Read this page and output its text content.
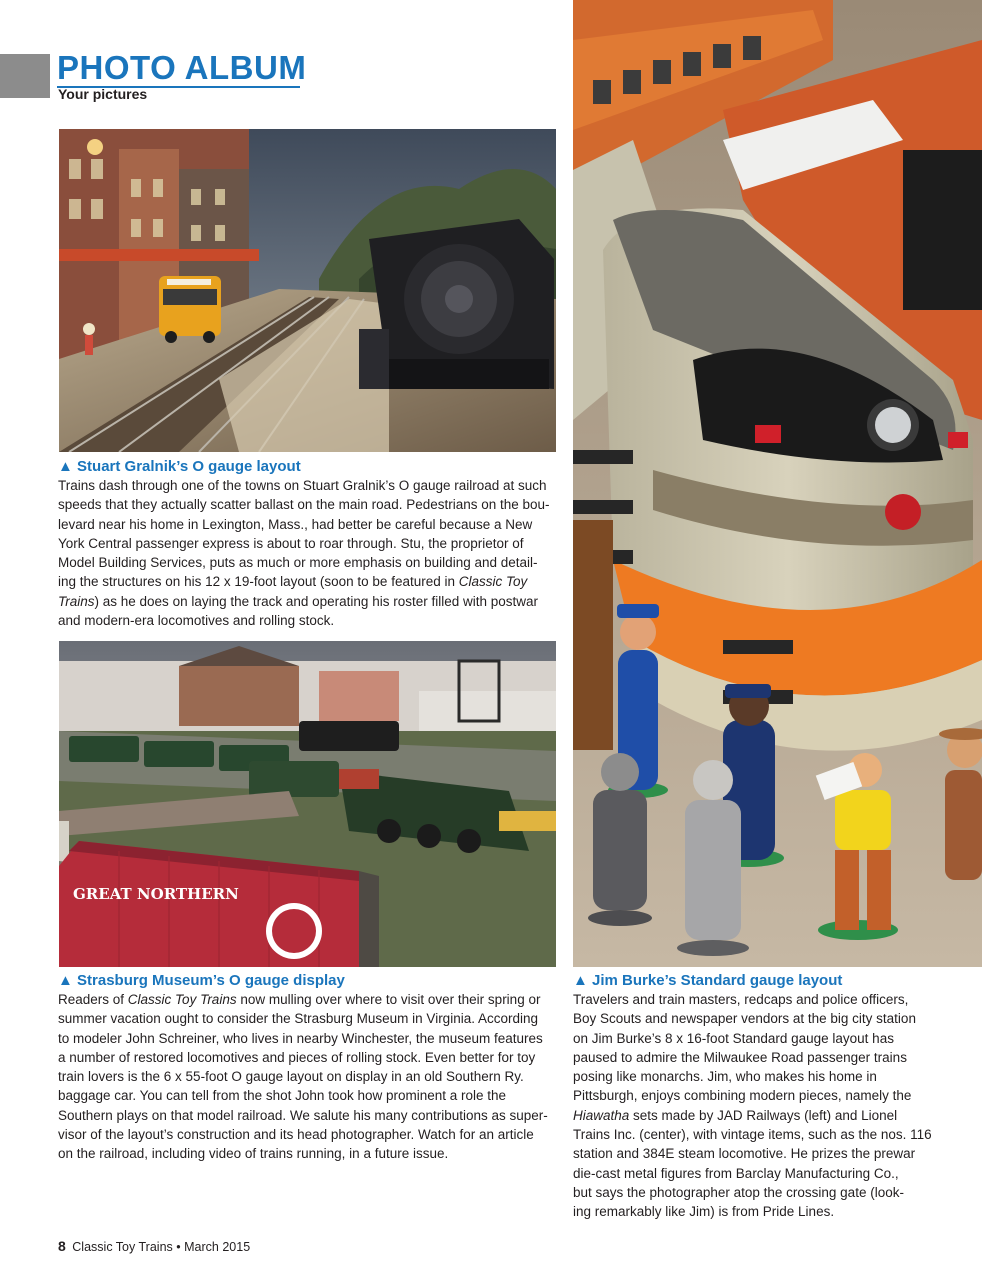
PHOTO ALBUM
Your pictures
▲ Stuart Gralnik’s O gauge layout
Trains dash through one of the towns on Stuart Gralnik’s O gauge railroad at such
speeds that they actually scatter ballast on the main road. Pedestrians on the bou-
levard near his home in Lexington, Mass., had better be careful because a New
York Central passenger express is about to roar through. Stu, the proprietor of
Model Building Services, puts as much or more emphasis on building and detail-
ing the structures on his 12 x 19-foot layout (soon to be featured in Classic Toy
Trains) as he does on laying the track and operating his roster filled with postwar
and modern-era locomotives and rolling stock.
GREAT NORTHERN
▲ Strasburg Museum’s O gauge display
Readers of Classic Toy Trains now mulling over where to visit over their spring or
summer vacation ought to consider the Strasburg Museum in Virginia. According
to modeler John Schreiner, who lives in nearby Winchester, the museum features
a number of restored locomotives and pieces of rolling stock. Even better for toy
train lovers is the 6 x 55-foot O gauge layout on display in an old Southern Ry.
baggage car. You can tell from the shot John took how prominent a role the
Southern plays on that model railroad. We salute his many contributions as super-
visor of the layout’s construction and its head photographer. Watch for an article
on the railroad, including video of trains running, in a future issue.
▲ Jim Burke’s Standard gauge layout
Travelers and train masters, redcaps and police officers,
Boy Scouts and newspaper vendors at the big city station
on Jim Burke’s 8 x 16-foot Standard gauge layout has
paused to admire the Milwaukee Road passenger trains
posing like monarchs. Jim, who makes his home in
Pittsburgh, enjoys combining modern pieces, namely the
Hiawatha sets made by JAD Railways (left) and Lionel
Trains Inc. (center), with vintage items, such as the nos. 116
station and 384E steam locomotive. He prizes the prewar
die-cast metal figures from Barclay Manufacturing Co.,
but says the photographer atop the crossing gate (look-
ing remarkably like Jim) is from Pride Lines.
8 Classic Toy Trains • March 2015
